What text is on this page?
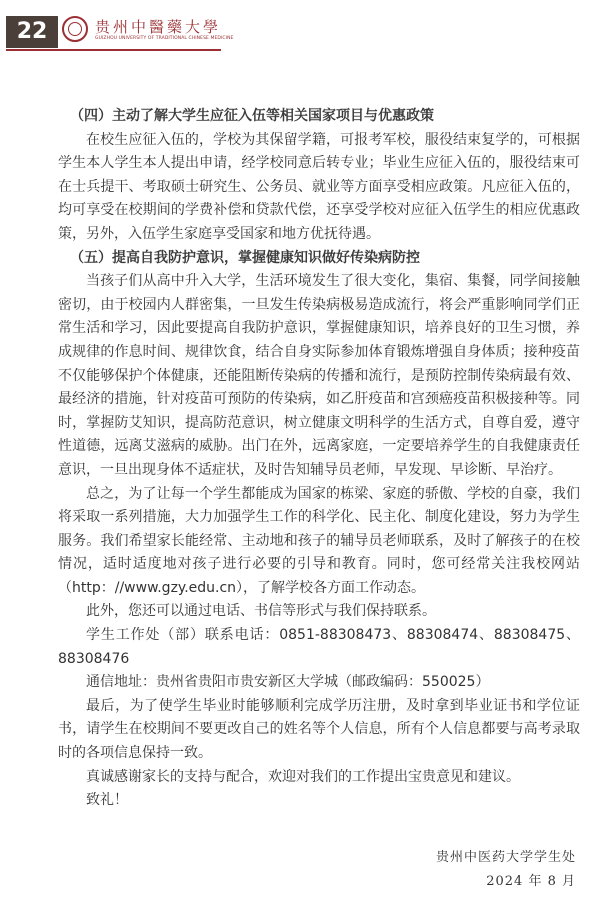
22	贵州中醫藥大學
GUIZHOU UNIVERSITY OF TRADITIONAL CHINESE MEDICINE

（四）主动了解大学生应征入伍等相关国家项目与优惠政策

在校生应征入伍的，学校为其保留学籍，可报考军校，服役结束复学的，可根据学生本人学生本人提出申请，经学校同意后转专业；毕业生应征入伍的，服役结束可在士兵提干、考取硕士研究生、公务员、就业等方面享受相应政策。凡应征入伍的，均可享受在校期间的学费补偿和贷款代偿，还享受学校对应征入伍学生的相应优惠政策，另外，入伍学生家庭享受国家和地方优抚待遇。

（五）提高自我防护意识，掌握健康知识做好传染病防控

当孩子们从高中升入大学，生活环境发生了很大变化，集宿、集餐，同学间接触密切，由于校园内人群密集，一旦发生传染病极易造成流行，将会严重影响同学们正常生活和学习，因此要提高自我防护意识，掌握健康知识，培养良好的卫生习惯，养成规律的作息时间、规律饮食，结合自身实际参加体育锻炼增强自身体质；接种疫苗不仅能够保护个体健康，还能阻断传染病的传播和流行，是预防控制传染病最有效、最经济的措施，针对疫苗可预防的传染病，如乙肝疫苗和宫颈癌疫苗积极接种等。同时，掌握防艾知识，提高防范意识，树立健康文明科学的生活方式，自尊自爱，遵守性道德，远离艾滋病的威胁。出门在外，远离家庭，一定要培养学生的自我健康责任意识，一旦出现身体不适症状，及时告知辅导员老师，早发现、早诊断、早治疗。

总之，为了让每一个学生都能成为国家的栋梁、家庭的骄傲、学校的自豪，我们将采取一系列措施，大力加强学生工作的科学化、民主化、制度化建设，努力为学生服务。我们希望家长能经常、主动地和孩子的辅导员老师联系，及时了解孩子的在校情况，适时适度地对孩子进行必要的引导和教育。同时，您可经常关注我校网站（http：//www.gzy.edu.cn），了解学校各方面工作动态。

此外，您还可以通过电话、书信等形式与我们保持联系。

学生工作处（部）联系电话：0851-88308473、88308474、88308475、88308476

通信地址：贵州省贵阳市贵安新区大学城（邮政编码：550025）

最后，为了使学生毕业时能够顺利完成学历注册，及时拿到毕业证书和学位证书，请学生在校期间不要更改自己的姓名等个人信息，所有个人信息都要与高考录取时的各项信息保持一致。

真诚感谢家长的支持与配合，欢迎对我们的工作提出宝贵意见和建议。

致礼！

贵州中医药大学学生处
2024 年 8 月
